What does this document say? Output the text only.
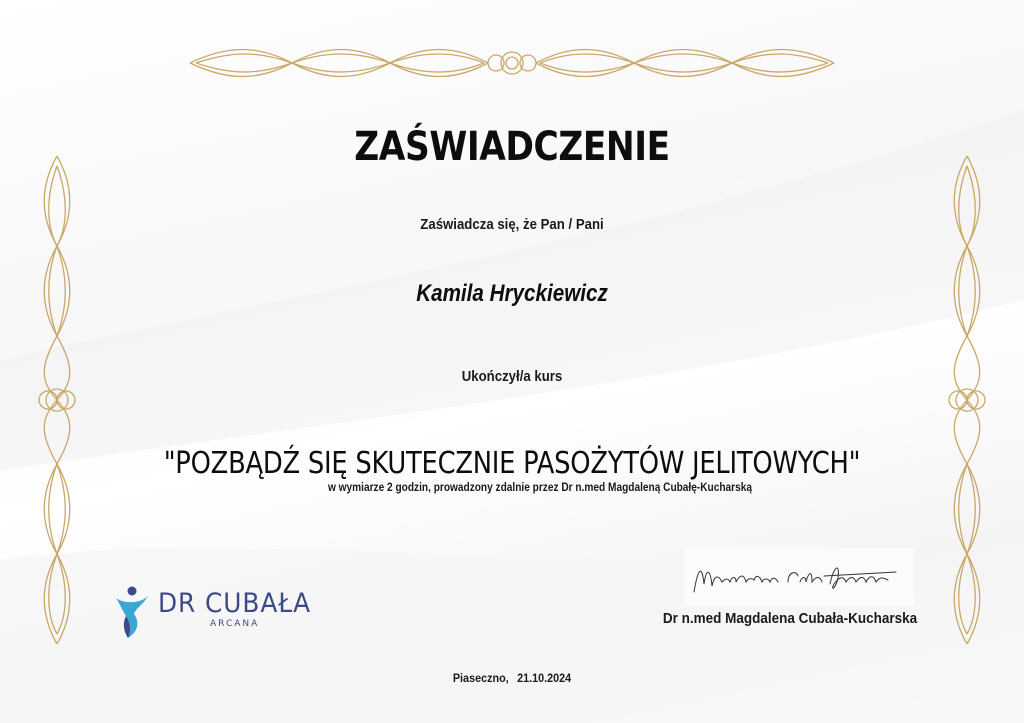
ZAŚWIADCZENIE
Zaświadcza się, że Pan / Pani
Kamila Hryckiewicz
Ukończył/a kurs
"POZBĄDŹ SIĘ SKUTECZNIE PASOŻYTÓW JELITOWYCH"
w wymiarze 2 godzin, prowadzony zdalnie przez Dr n.med Magdaleną Cubałę-Kucharską
DR CUBAŁA
ARCANA	Dr n.med Magdalena Cubała-Kucharska
Piaseczno, 21.10.2024
